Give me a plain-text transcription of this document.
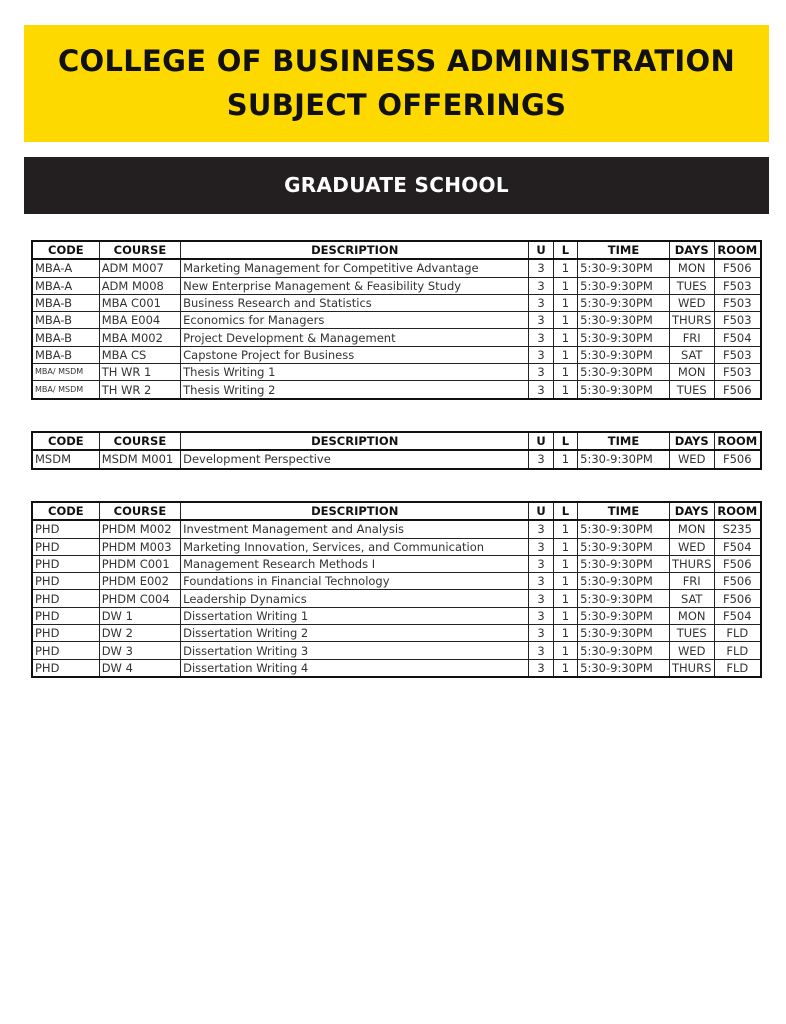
COLLEGE OF BUSINESS ADMINISTRATION
SUBJECT OFFERINGS
GRADUATE SCHOOL
CODE	COURSE	DESCRIPTION	U	L	TIME	DAYS	ROOM
MBA-A	ADM M007	Marketing Management for Competitive Advantage	3	1	5:30-9:30PM	MON	F506
MBA-A	ADM M008	New Enterprise Management & Feasibility Study	3	1	5:30-9:30PM	TUES	F503
MBA-B	MBA C001	Business Research and Statistics	3	1	5:30-9:30PM	WED	F503
MBA-B	MBA E004	Economics for Managers	3	1	5:30-9:30PM	THURS	F503
MBA-B	MBA M002	Project Development & Management	3	1	5:30-9:30PM	FRI	F504
MBA-B	MBA CS	Capstone Project for Business	3	1	5:30-9:30PM	SAT	F503
MBA/ MSDM	TH WR 1	Thesis Writing 1	3	1	5:30-9:30PM	MON	F503
MBA/ MSDM	TH WR 2	Thesis Writing 2	3	1	5:30-9:30PM	TUES	F506
CODE	COURSE	DESCRIPTION	U	L	TIME	DAYS	ROOM
MSDM	MSDM M001	Development Perspective	3	1	5:30-9:30PM	WED	F506
CODE	COURSE	DESCRIPTION	U	L	TIME	DAYS	ROOM
PHD	PHDM M002	Investment Management and Analysis	3	1	5:30-9:30PM	MON	S235
PHD	PHDM M003	Marketing Innovation, Services, and Communication	3	1	5:30-9:30PM	WED	F504
PHD	PHDM C001	Management Research Methods I	3	1	5:30-9:30PM	THURS	F506
PHD	PHDM E002	Foundations in Financial Technology	3	1	5:30-9:30PM	FRI	F506
PHD	PHDM C004	Leadership Dynamics	3	1	5:30-9:30PM	SAT	F506
PHD	DW 1	Dissertation Writing 1	3	1	5:30-9:30PM	MON	F504
PHD	DW 2	Dissertation Writing 2	3	1	5:30-9:30PM	TUES	FLD
PHD	DW 3	Dissertation Writing 3	3	1	5:30-9:30PM	WED	FLD
PHD	DW 4	Dissertation Writing 4	3	1	5:30-9:30PM	THURS	FLD
